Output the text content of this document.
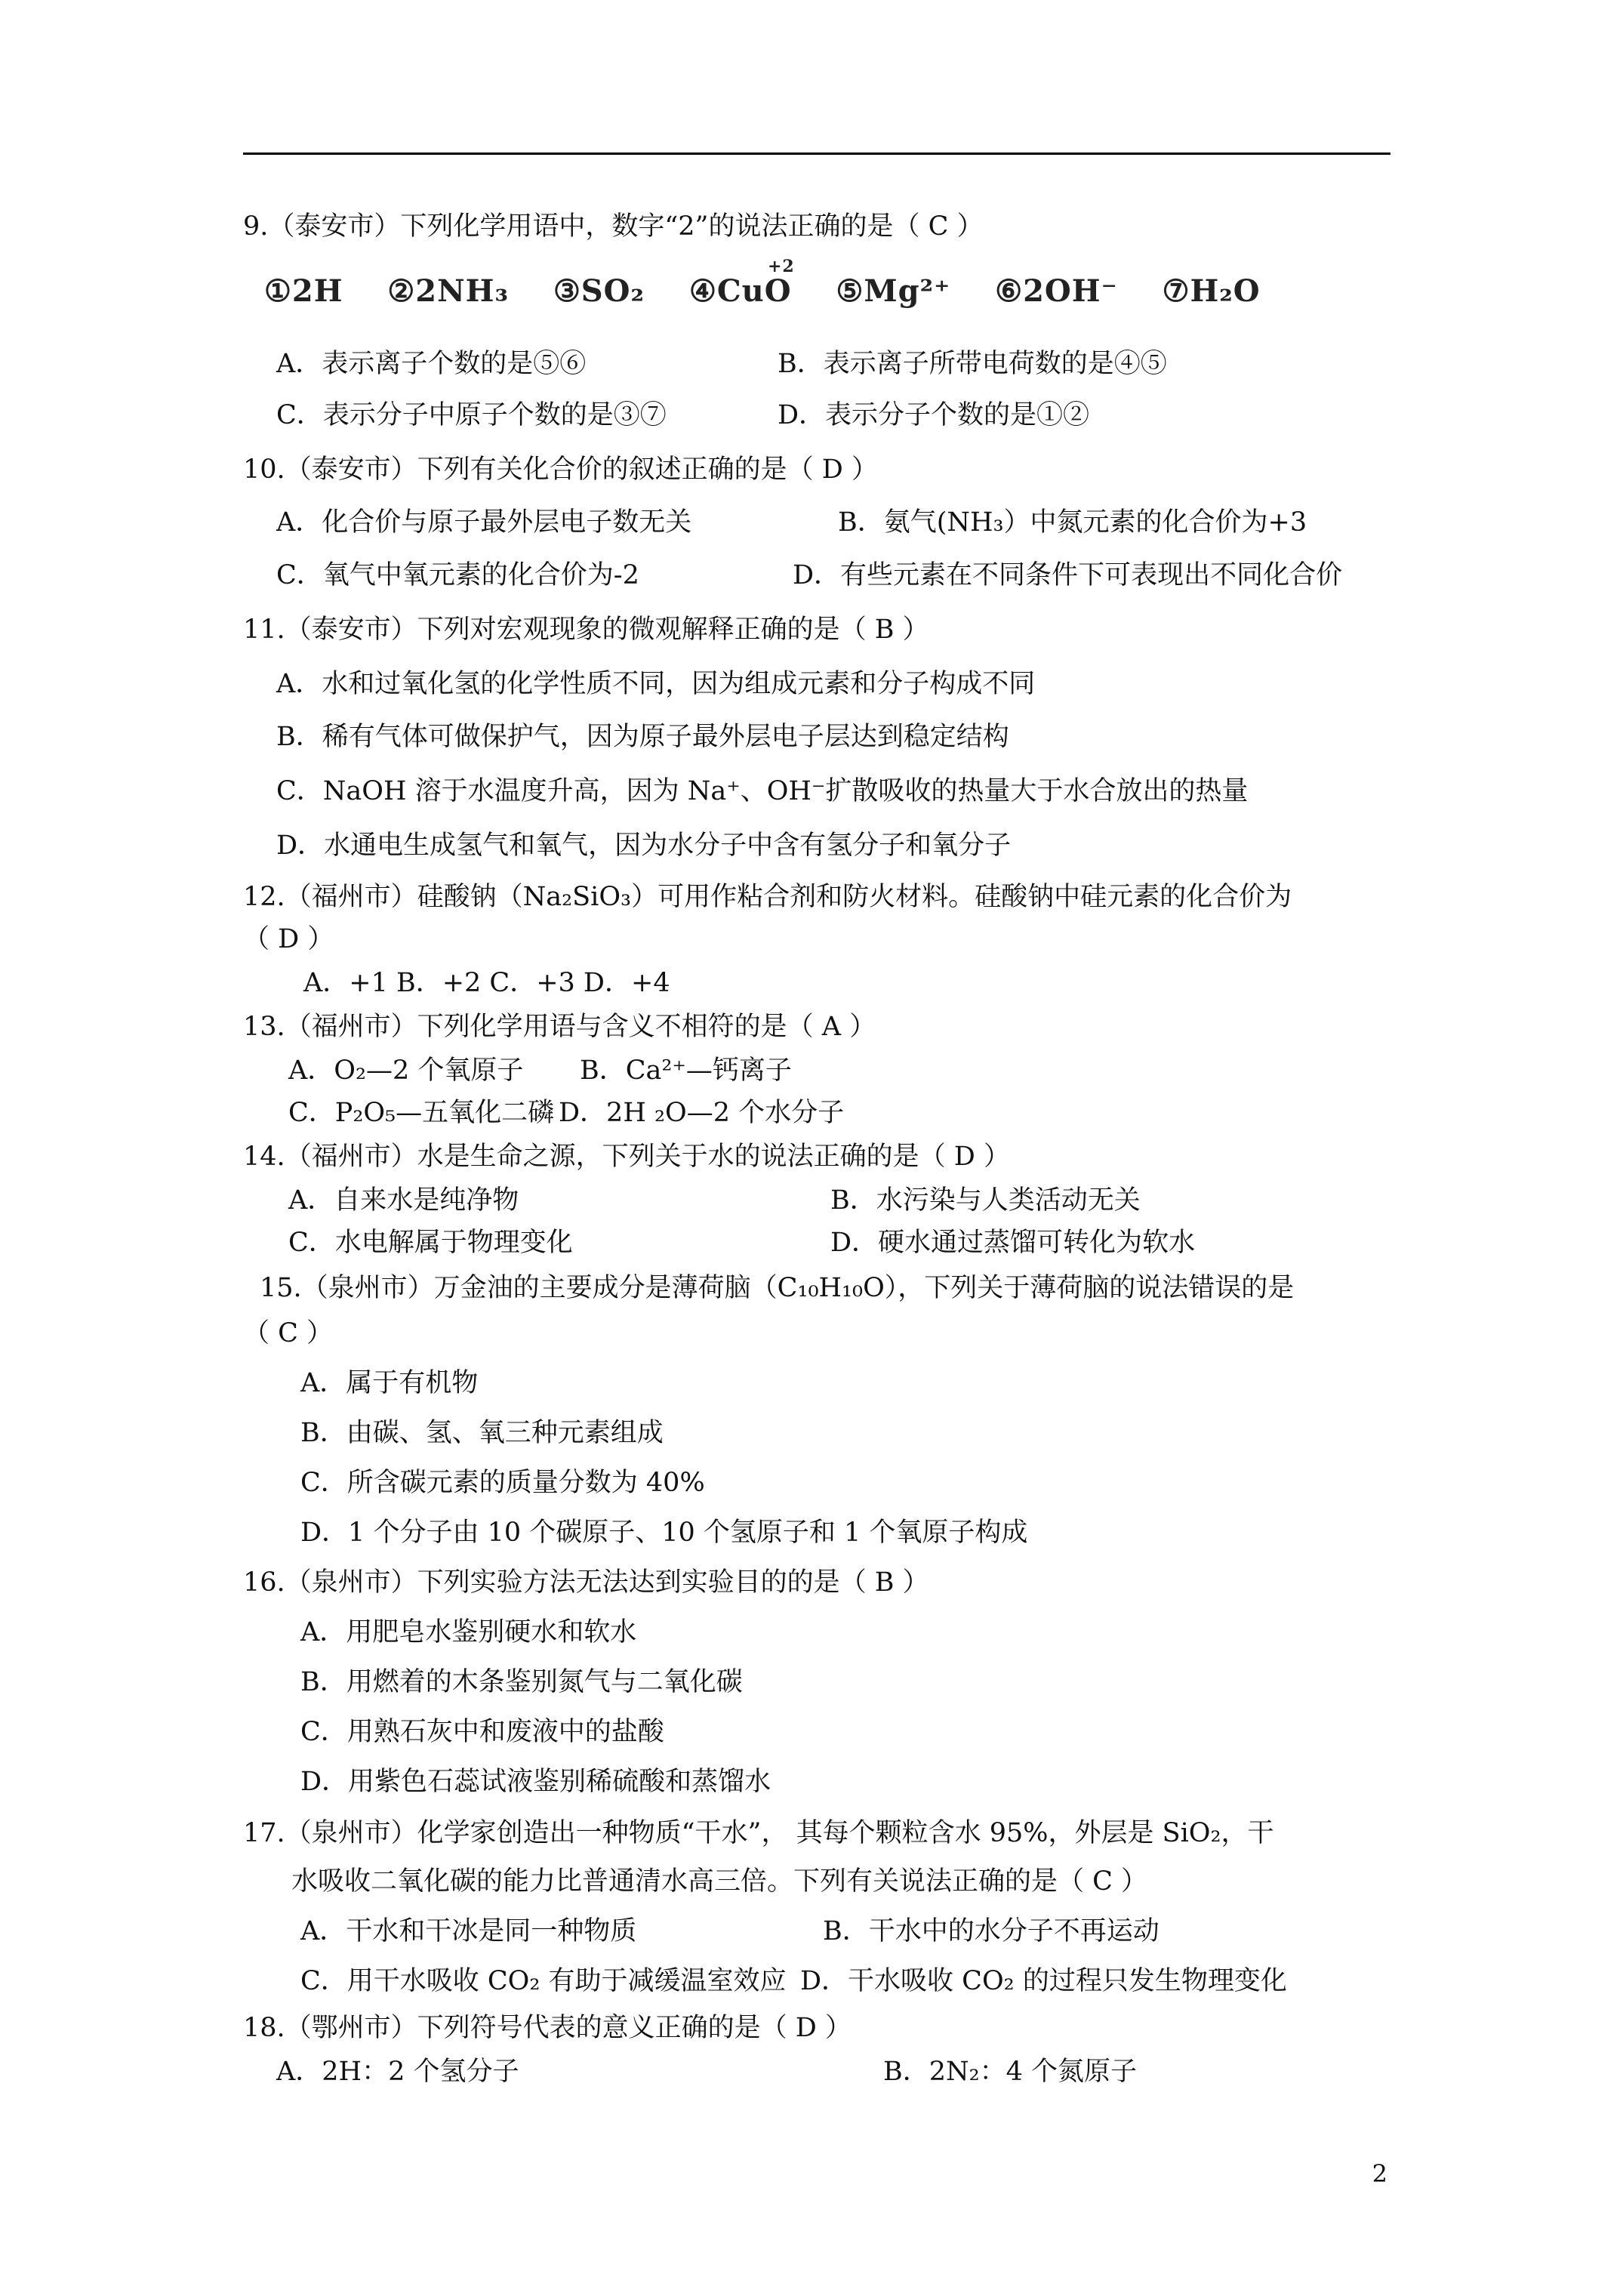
9.（泰安市）下列化学用语中，数字“2”的说法正确的是（ C ）
①2H ②2NH₃ ③SO₂ ④CuO
+2
⑤Mg²⁺ ⑥2OH⁻ ⑦H₂O
A．表示离子个数的是⑤⑥	B．表示离子所带电荷数的是④⑤
C．表示分子中原子个数的是③⑦	D．表示分子个数的是①②
10.（泰安市）下列有关化合价的叙述正确的是（ D ）
A．化合价与原子最外层电子数无关	B．氨气(NH₃）中氮元素的化合价为+3
C．氧气中氧元素的化合价为-2	D．有些元素在不同条件下可表现出不同化合价
11.（泰安市）下列对宏观现象的微观解释正确的是（ B ）
A．水和过氧化氢的化学性质不同，因为组成元素和分子构成不同
B．稀有气体可做保护气，因为原子最外层电子层达到稳定结构
C．NaOH 溶于水温度升高，因为 Na⁺、OH⁻扩散吸收的热量大于水合放出的热量
D．水通电生成氢气和氧气，因为水分子中含有氢分子和氧分子
12.（福州市）硅酸钠（Na₂SiO₃）可用作粘合剂和防火材料。硅酸钠中硅元素的化合价为
（ D ）
A．+1 B．+2 C．+3 D．+4
13.（福州市）下列化学用语与含义不相符的是（ A ）
A．O₂—2 个氧原子 B．Ca²⁺—钙离子
C．P₂O₅—五氧化二磷 D．2H ₂O—2 个水分子
14.（福州市）水是生命之源，下列关于水的说法正确的是（ D ）
A．自来水是纯净物	B．水污染与人类活动无关
C．水电解属于物理变化	D．硬水通过蒸馏可转化为软水
15.（泉州市）万金油的主要成分是薄荷脑（C₁₀H₁₀O），下列关于薄荷脑的说法错误的是
（ C ）
A．属于有机物
B．由碳、氢、氧三种元素组成
C．所含碳元素的质量分数为 40%
D．1 个分子由 10 个碳原子、10 个氢原子和 1 个氧原子构成
16.（泉州市）下列实验方法无法达到实验目的的是（ B ）
A．用肥皂水鉴别硬水和软水
B．用燃着的木条鉴别氮气与二氧化碳
C．用熟石灰中和废液中的盐酸
D．用紫色石蕊试液鉴别稀硫酸和蒸馏水
17.（泉州市）化学家创造出一种物质“干水”， 其每个颗粒含水 95%，外层是 SiO₂，干
水吸收二氧化碳的能力比普通清水高三倍。下列有关说法正确的是（ C ）
A．干水和干冰是同一种物质	B．干水中的水分子不再运动
C．用干水吸收 CO₂ 有助于减缓温室效应 D．干水吸收 CO₂ 的过程只发生物理变化
18.（鄂州市）下列符号代表的意义正确的是（ D ）
A．2H：2 个氢分子	B．2N₂：4 个氮原子
2
